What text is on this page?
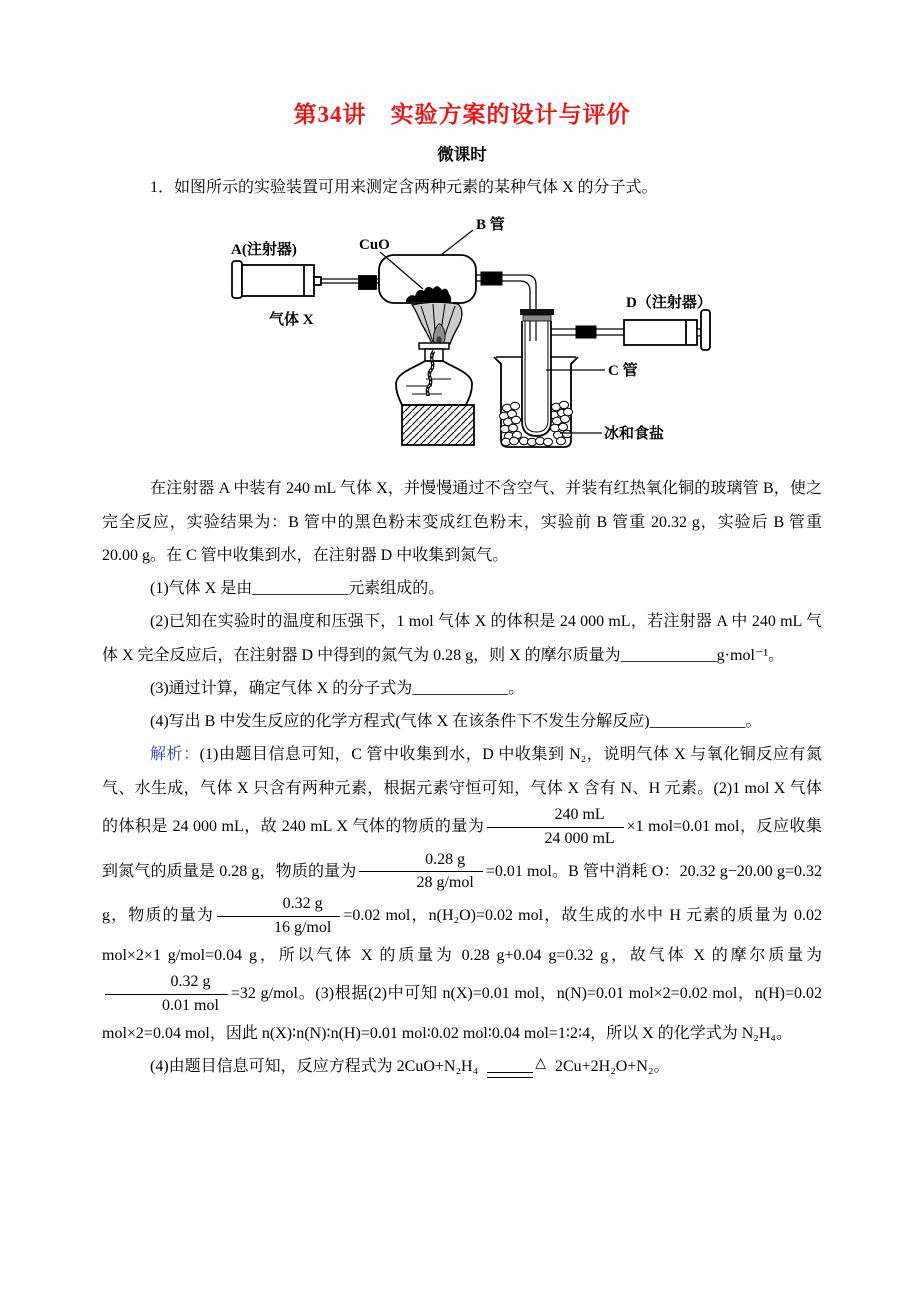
第34讲　实验方案的设计与评价
微课时

1．如图所示的实验装置可用来测定含两种元素的某种气体 X 的分子式。

A(注射器)
气体 X
CuO
B 管
C 管
冰和食盐
D（注射器）

在注射器 A 中装有 240 mL 气体 X，并慢慢通过不含空气、并装有红热氧化铜的玻璃管 B，使之完全反应，实验结果为：B 管中的黑色粉末变成红色粉末，实验前 B 管重 20.32 g，实验后 B 管重 20.00 g。在 C 管中收集到水，在注射器 D 中收集到氮气。

(1)气体 X 是由____________元素组成的。

(2)已知在实验时的温度和压强下，1 mol 气体 X 的体积是 24 000 mL，若注射器 A 中 240 mL 气体 X 完全反应后，在注射器 D 中得到的氮气为 0.28 g，则 X 的摩尔质量为____________g·mol⁻¹。

(3)通过计算，确定气体 X 的分子式为____________。

(4)写出 B 中发生反应的化学方程式(气体 X 在该条件下不发生分解反应)____________。

解析：(1)由题目信息可知，C 管中收集到水，D 中收集到 N₂，说明气体 X 与氧化铜反应有氮气、水生成，气体 X 只含有两种元素，根据元素守恒可知，气体 X 含有 N、H 元素。(2)1 mol X 气体的体积是 24 000 mL，故 240 mL X 气体的物质的量为 $\frac{240 mL}{24 000 mL} \times 1$ mol=0.01 mol，反应收集到氮气的质量是 0.28 g，物质的量为 $\frac{0.28 g}{\text{28 g/mol}} =0.01$ mol。B 管中消耗 O：20.32 g−20.00 g=0.32 g，物质的量为 $\frac{0.32 g}{\text{16 g/mol}} =0.02$ mol，n(H₂O)=0.02 mol，故生成的水中 H 元素的质量为 0.02 mol×2×1 g/mol=0.04 g，所以气体 X 的质量为 0.28 g+0.04 g=0.32 g，故气体 X 的摩尔质量为
$\frac{0.32 g}{\text{0.01 mol}} =32$ g/mol。(3)根据(2)中可知 n(X)=0.01 mol，n(N)=0.01 mol×2=0.02 mol，n(H)=0.02 mol×2=0.04 mol，因此 n(X)∶n(N)∶n(H)=0.01 mol∶0.02 mol∶0.04 mol=1∶2∶4，所以 X 的化学式为 N₂H₄。

(4)由题目信息可知，反应方程式为 2CuO+N₂H₄	△ 2Cu+2H₂O+N₂。
